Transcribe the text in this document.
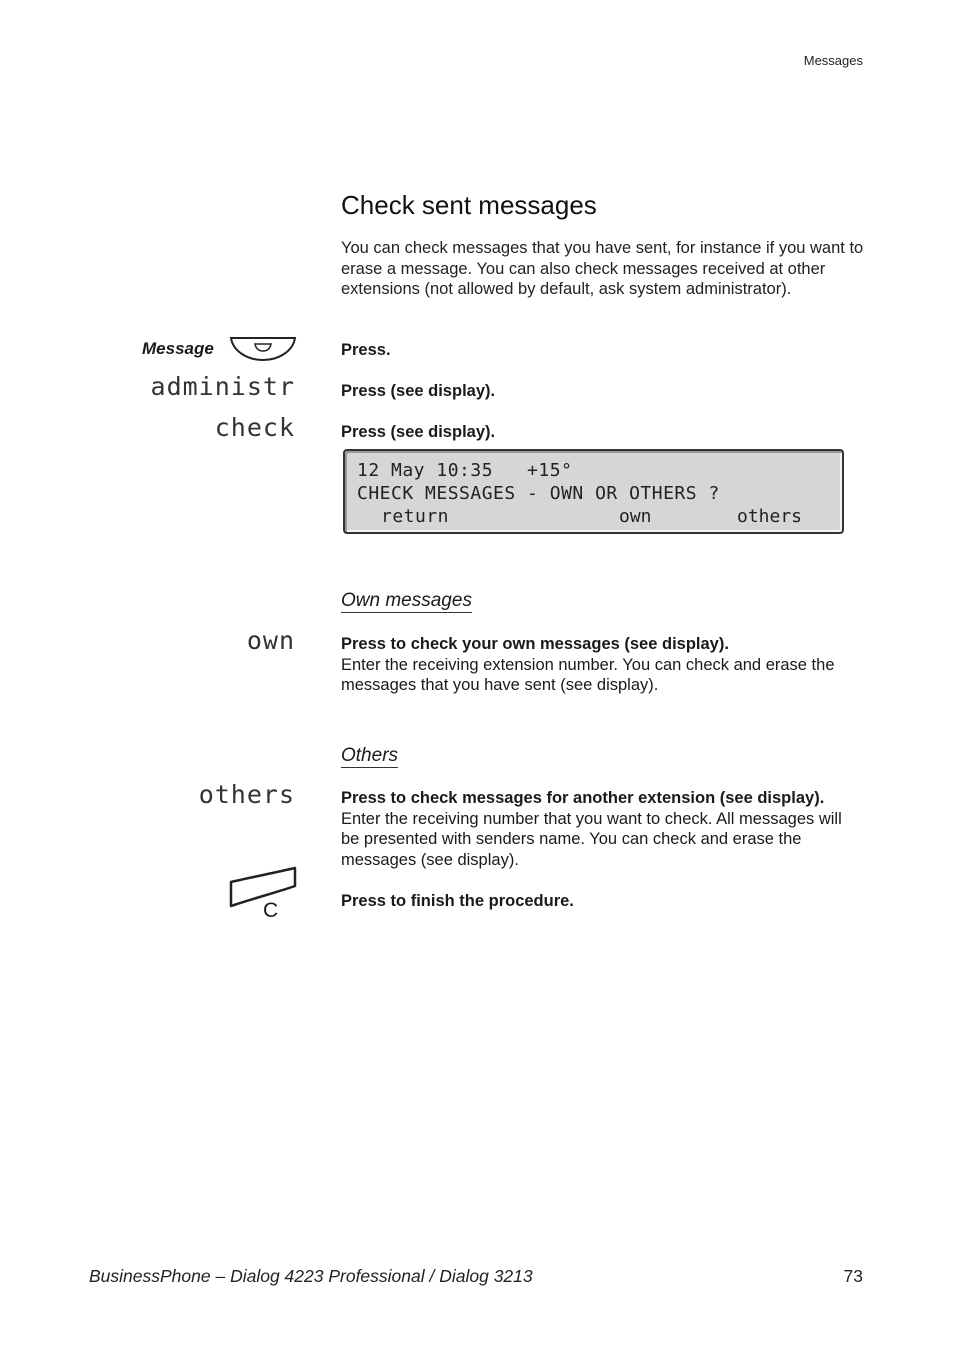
Messages
Check sent messages
You can check messages that you have sent, for instance if you want to erase a message. You can also check messages received at other extensions (not allowed by default, ask system administrator).
Message	Press.
administr	Press (see display).
check	Press (see display).
12 May 10:35   +15°
CHECK MESSAGES - OWN OR OTHERS ?
return	own	others
Own messages
own	Press to check your own messages (see display).
Enter the receiving extension number. You can check and erase the messages that you have sent (see display).
Others
others	Press to check messages for another extension (see display).
Enter the receiving number that you want to check. All messages will be presented with senders name. You can check and erase the messages (see display).
C	Press to finish the procedure.
BusinessPhone – Dialog 4223 Professional / Dialog 3213	73
